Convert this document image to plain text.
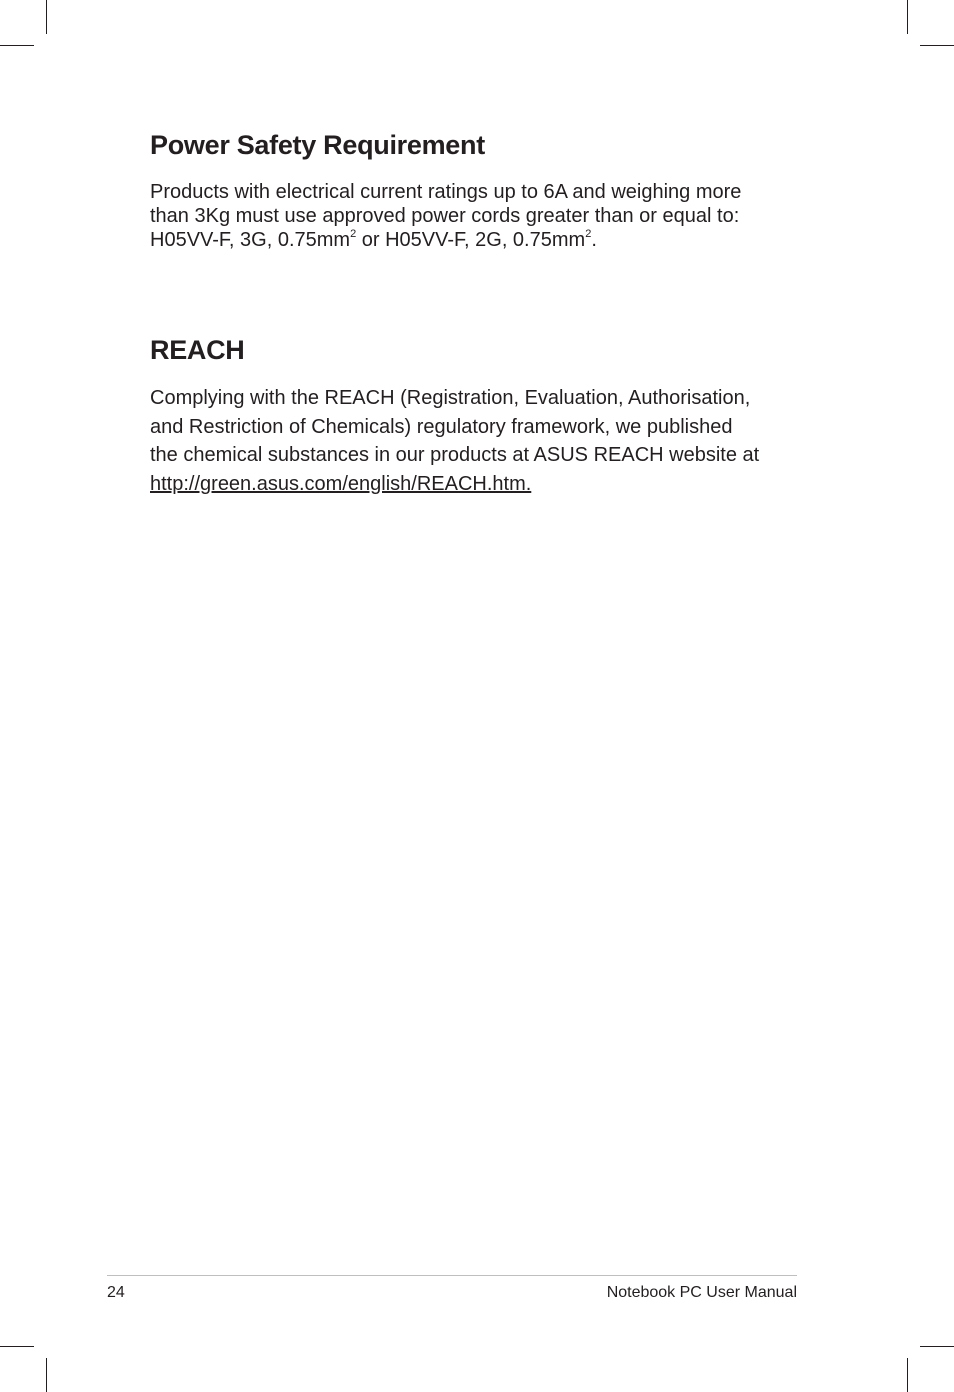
Power Safety Requirement

Products with electrical current ratings up to 6A and weighing more
than 3Kg must use approved power cords greater than or equal to:
H05VV-F, 3G, $0.75mm^2$ or H05VV-F, 2G, $0.75mm^2$.

REACH

Complying with the REACH (Registration, Evaluation, Authorisation,
and Restriction of Chemicals) regulatory framework, we published
the chemical substances in our products at ASUS REACH website at
http://green.asus.com/english/REACH.htm.

24	Notebook PC User Manual
